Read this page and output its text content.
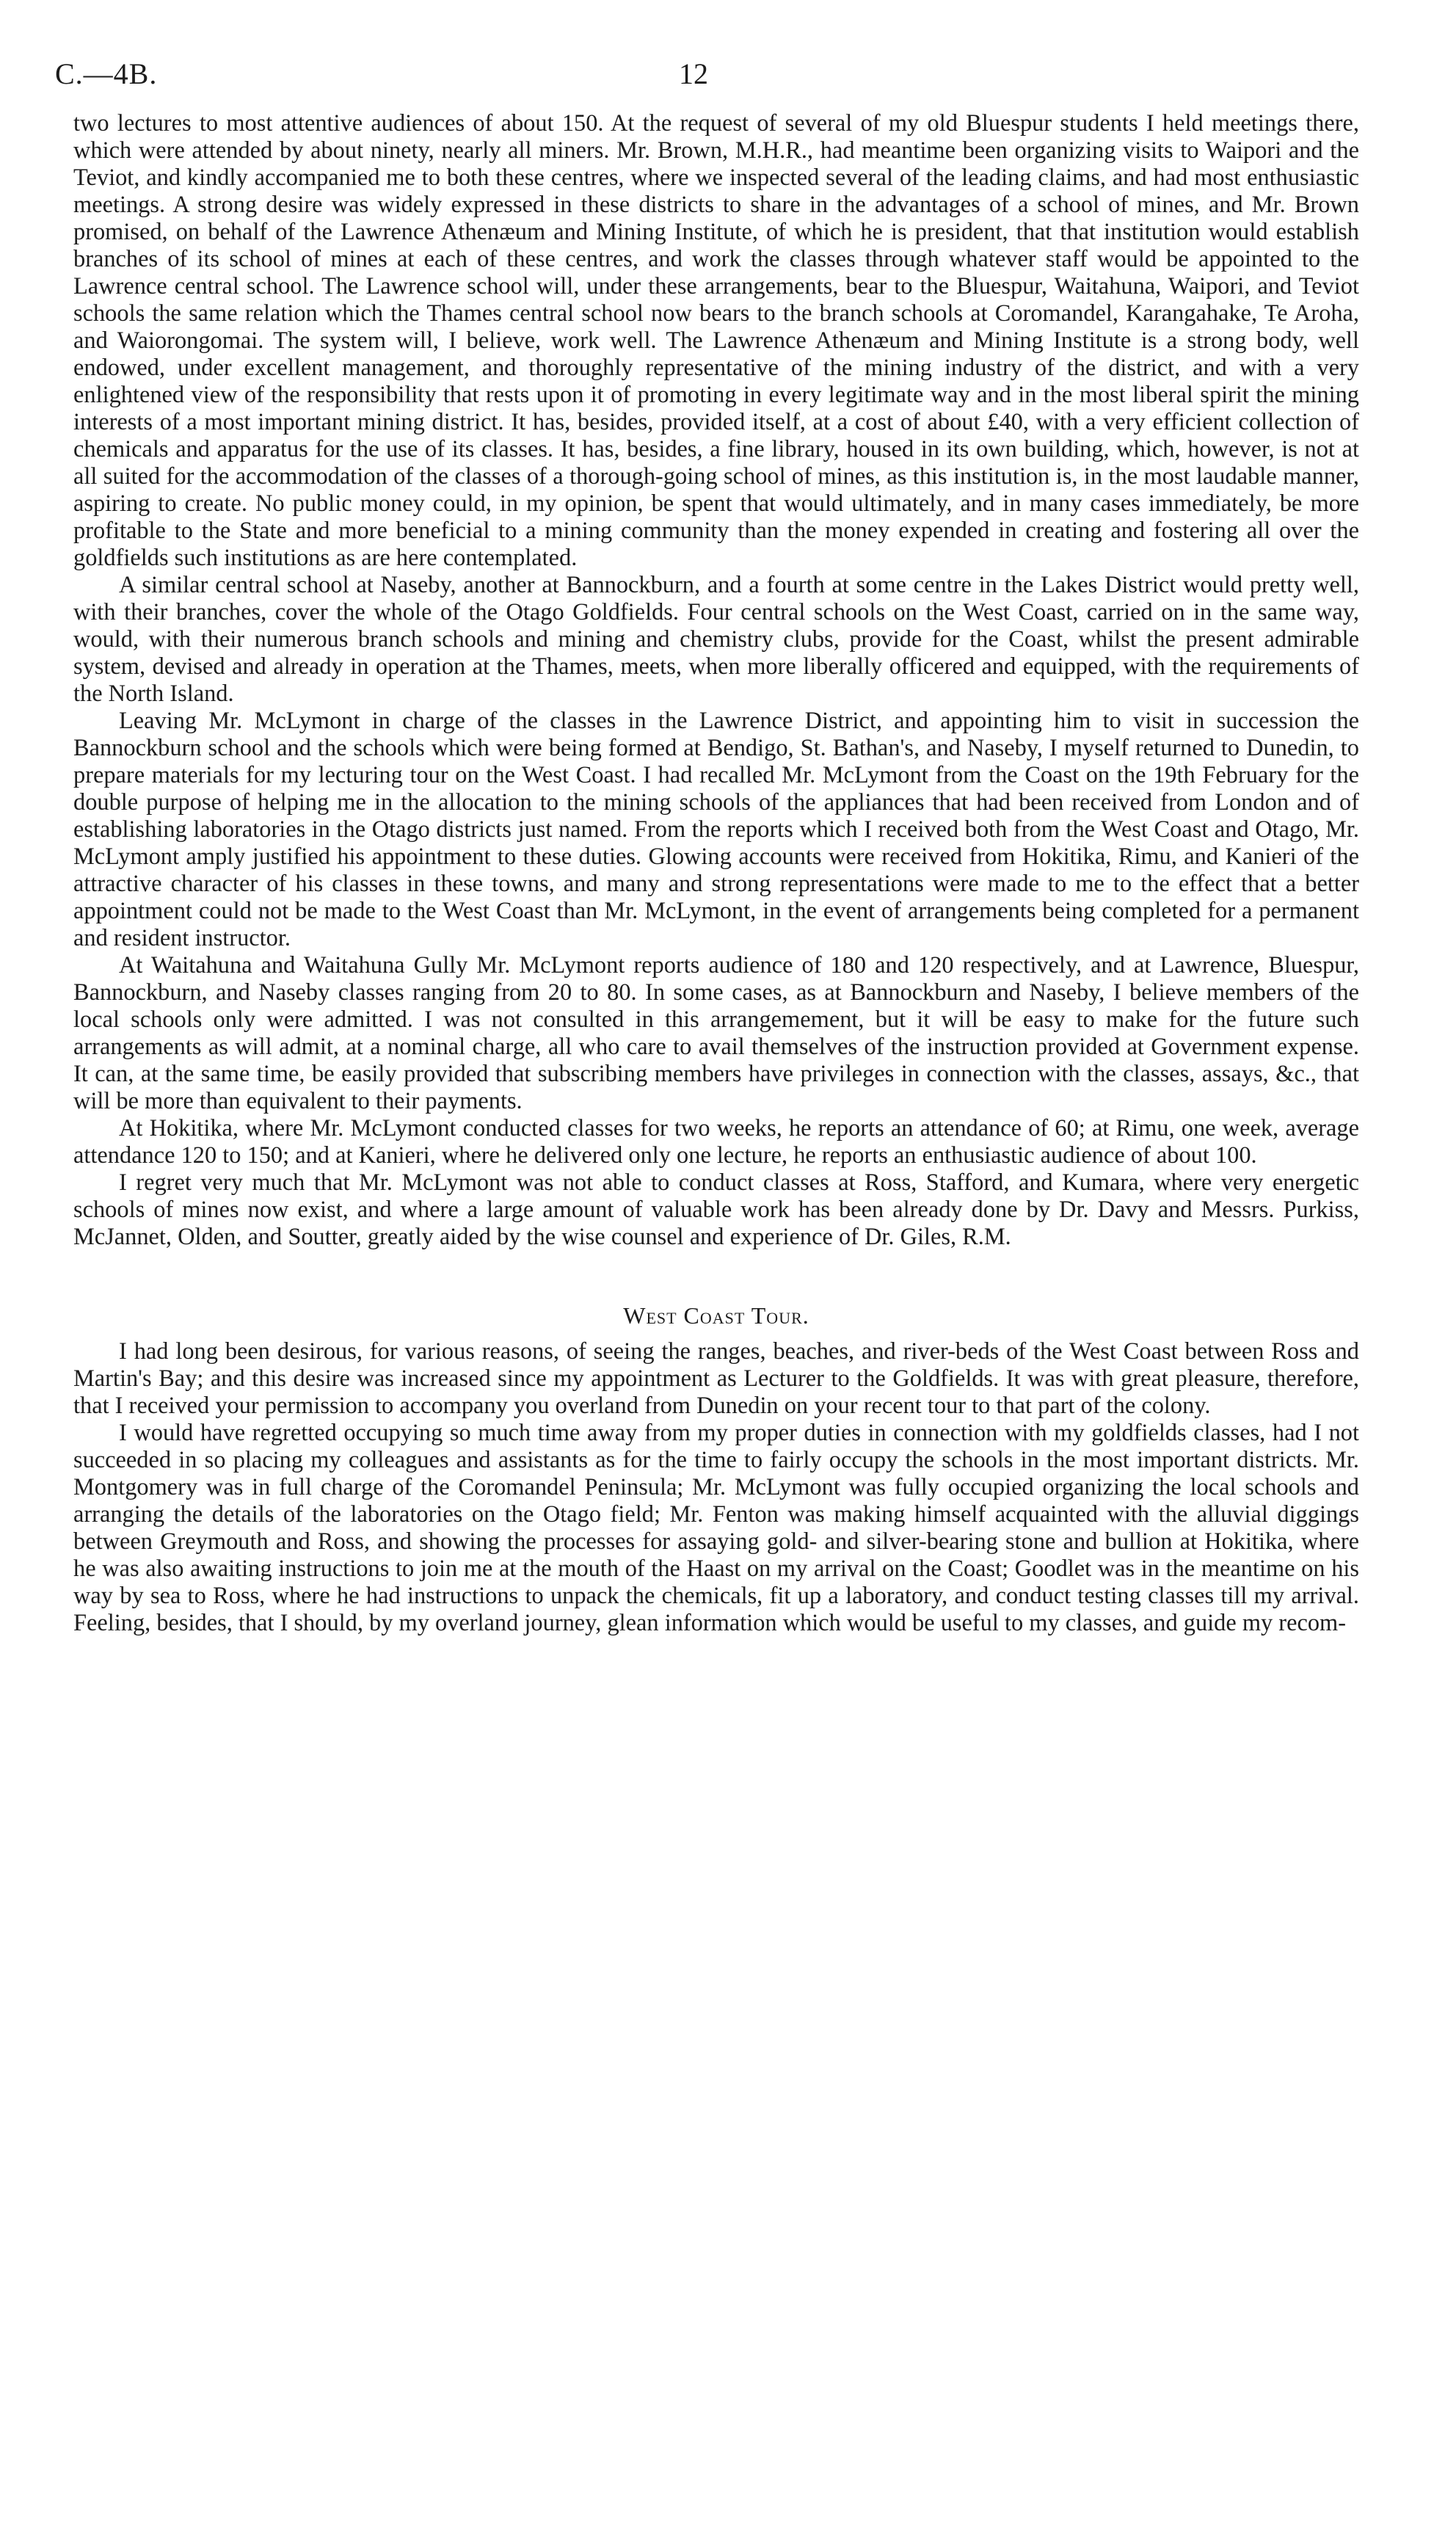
C.—4B.	12

two lectures to most attentive audiences of about 150. At the request of several of my old Bluespur students I held meetings there, which were attended by about ninety, nearly all miners. Mr. Brown, M.H.R., had meantime been organizing visits to Waipori and the Teviot, and kindly accompanied me to both these centres, where we inspected several of the leading claims, and had most enthusiastic meetings. A strong desire was widely expressed in these districts to share in the advantages of a school of mines, and Mr. Brown promised, on behalf of the Lawrence Athenæum and Mining Institute, of which he is president, that that institution would establish branches of its school of mines at each of these centres, and work the classes through whatever staff would be appointed to the Lawrence central school. The Lawrence school will, under these arrangements, bear to the Bluespur, Waitahuna, Waipori, and Teviot schools the same relation which the Thames central school now bears to the branch schools at Coromandel, Karangahake, Te Aroha, and Waiorongomai. The system will, I believe, work well. The Lawrence Athenæum and Mining Institute is a strong body, well endowed, under excellent management, and thoroughly representative of the mining industry of the district, and with a very enlightened view of the responsibility that rests upon it of promoting in every legitimate way and in the most liberal spirit the mining interests of a most important mining district. It has, besides, provided itself, at a cost of about £40, with a very efficient collection of chemicals and apparatus for the use of its classes. It has, besides, a fine library, housed in its own building, which, however, is not at all suited for the accommodation of the classes of a thorough-going school of mines, as this institution is, in the most laudable manner, aspiring to create. No public money could, in my opinion, be spent that would ultimately, and in many cases immediately, be more profitable to the State and more beneficial to a mining community than the money expended in creating and fostering all over the goldfields such institutions as are here contemplated.

A similar central school at Naseby, another at Bannockburn, and a fourth at some centre in the Lakes District would pretty well, with their branches, cover the whole of the Otago Goldfields. Four central schools on the West Coast, carried on in the same way, would, with their numerous branch schools and mining and chemistry clubs, provide for the Coast, whilst the present admirable system, devised and already in operation at the Thames, meets, when more liberally officered and equipped, with the requirements of the North Island.

Leaving Mr. McLymont in charge of the classes in the Lawrence District, and appointing him to visit in succession the Bannockburn school and the schools which were being formed at Bendigo, St. Bathan's, and Naseby, I myself returned to Dunedin, to prepare materials for my lecturing tour on the West Coast. I had recalled Mr. McLymont from the Coast on the 19th February for the double purpose of helping me in the allocation to the mining schools of the appliances that had been received from London and of establishing laboratories in the Otago districts just named. From the reports which I received both from the West Coast and Otago, Mr. McLymont amply justified his appointment to these duties. Glowing accounts were received from Hokitika, Rimu, and Kanieri of the attractive character of his classes in these towns, and many and strong representations were made to me to the effect that a better appointment could not be made to the West Coast than Mr. McLymont, in the event of arrangements being completed for a permanent and resident instructor.

At Waitahuna and Waitahuna Gully Mr. McLymont reports audience of 180 and 120 respectively, and at Lawrence, Bluespur, Bannockburn, and Naseby classes ranging from 20 to 80. In some cases, as at Bannockburn and Naseby, I believe members of the local schools only were admitted. I was not consulted in this arrangemement, but it will be easy to make for the future such arrangements as will admit, at a nominal charge, all who care to avail themselves of the instruction provided at Government expense. It can, at the same time, be easily provided that subscribing members have privileges in connection with the classes, assays, &c., that will be more than equivalent to their payments.

At Hokitika, where Mr. McLymont conducted classes for two weeks, he reports an attendance of 60; at Rimu, one week, average attendance 120 to 150; and at Kanieri, where he delivered only one lecture, he reports an enthusiastic audience of about 100.

I regret very much that Mr. McLymont was not able to conduct classes at Ross, Stafford, and Kumara, where very energetic schools of mines now exist, and where a large amount of valuable work has been already done by Dr. Davy and Messrs. Purkiss, McJannet, Olden, and Soutter, greatly aided by the wise counsel and experience of Dr. Giles, R.M.

West Coast Tour.

I had long been desirous, for various reasons, of seeing the ranges, beaches, and river-beds of the West Coast between Ross and Martin's Bay; and this desire was increased since my appointment as Lecturer to the Goldfields. It was with great pleasure, therefore, that I received your permission to accompany you overland from Dunedin on your recent tour to that part of the colony.

I would have regretted occupying so much time away from my proper duties in connection with my goldfields classes, had I not succeeded in so placing my colleagues and assistants as for the time to fairly occupy the schools in the most important districts. Mr. Montgomery was in full charge of the Coromandel Peninsula; Mr. McLymont was fully occupied organizing the local schools and arranging the details of the laboratories on the Otago field; Mr. Fenton was making himself acquainted with the alluvial diggings between Greymouth and Ross, and showing the processes for assaying gold- and silver-bearing stone and bullion at Hokitika, where he was also awaiting instructions to join me at the mouth of the Haast on my arrival on the Coast; Goodlet was in the meantime on his way by sea to Ross, where he had instructions to unpack the chemicals, fit up a laboratory, and conduct testing classes till my arrival. Feeling, besides, that I should, by my overland journey, glean information which would be useful to my classes, and guide my recom-
